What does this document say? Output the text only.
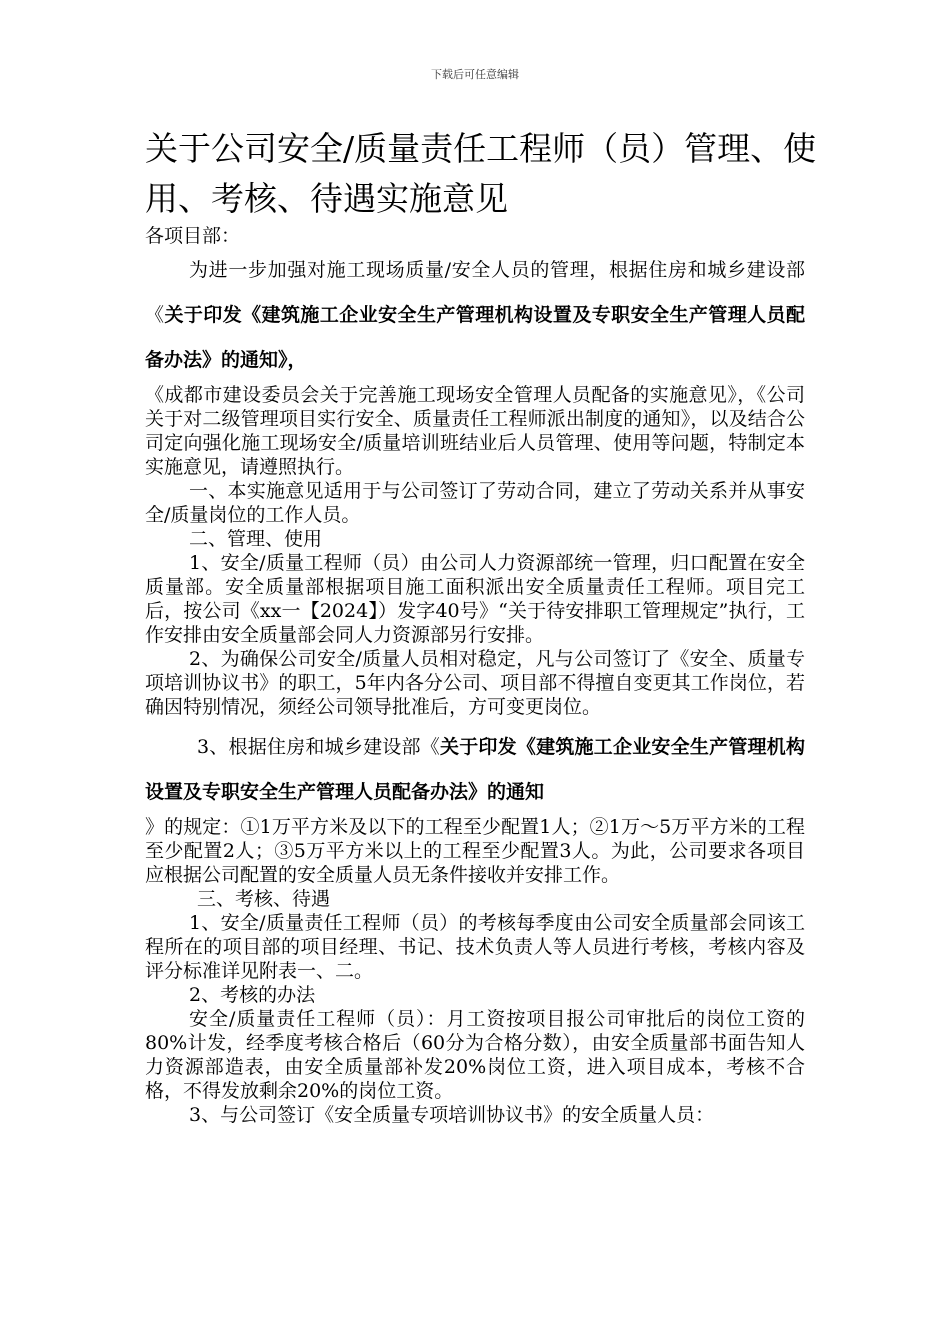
下载后可任意编辑
关于公司安全/质量责任工程师（员）管理、使用、考核、待遇实施意见

各项目部：

为进一步加强对施工现场质量/安全人员的管理，根据住房和城乡建设部《关于印发《建筑施工企业安全生产管理机构设置及专职安全生产管理人员配备办法》的通知》，

《成都市建设委员会关于完善施工现场安全管理人员配备的实施意见》，《公司关于对二级管理项目实行安全、质量责任工程师派出制度的通知》，以及结合公司定向强化施工现场安全/质量培训班结业后人员管理、使用等问题，特制定本实施意见，请遵照执行。

一、本实施意见适用于与公司签订了劳动合同，建立了劳动关系并从事安全/质量岗位的工作人员。

二、管理、使用

1、安全/质量工程师（员）由公司人力资源部统一管理，归口配置在安全质量部。安全质量部根据项目施工面积派出安全质量责任工程师。项目完工后，按公司《xx一【2024】）发字40号》“关于待安排职工管理规定”执行，工作安排由安全质量部会同人力资源部另行安排。

2、为确保公司安全/质量人员相对稳定，凡与公司签订了《安全、质量专项培训协议书》的职工，5年内各分公司、项目部不得擅自变更其工作岗位，若确因特别情况，须经公司领导批准后，方可变更岗位。

3、根据住房和城乡建设部《关于印发《建筑施工企业安全生产管理机构设置及专职安全生产管理人员配备办法》的通知

》的规定：①1万平方米及以下的工程至少配置1人；②1万～5万平方米的工程至少配置2人；③5万平方米以上的工程至少配置3人。为此，公司要求各项目应根据公司配置的安全质量人员无条件接收并安排工作。

三、考核、待遇

1、安全/质量责任工程师（员）的考核每季度由公司安全质量部会同该工程所在的项目部的项目经理、书记、技术负责人等人员进行考核，考核内容及评分标准详见附表一、二。

2、考核的办法

安全/质量责任工程师（员）：月工资按项目报公司审批后的岗位工资的80%计发，经季度考核合格后（60分为合格分数），由安全质量部书面告知人力资源部造表，由安全质量部补发20%岗位工资，进入项目成本，考核不合格，不得发放剩余20%的岗位工资。

3、与公司签订《安全质量专项培训协议书》的安全质量人员：
